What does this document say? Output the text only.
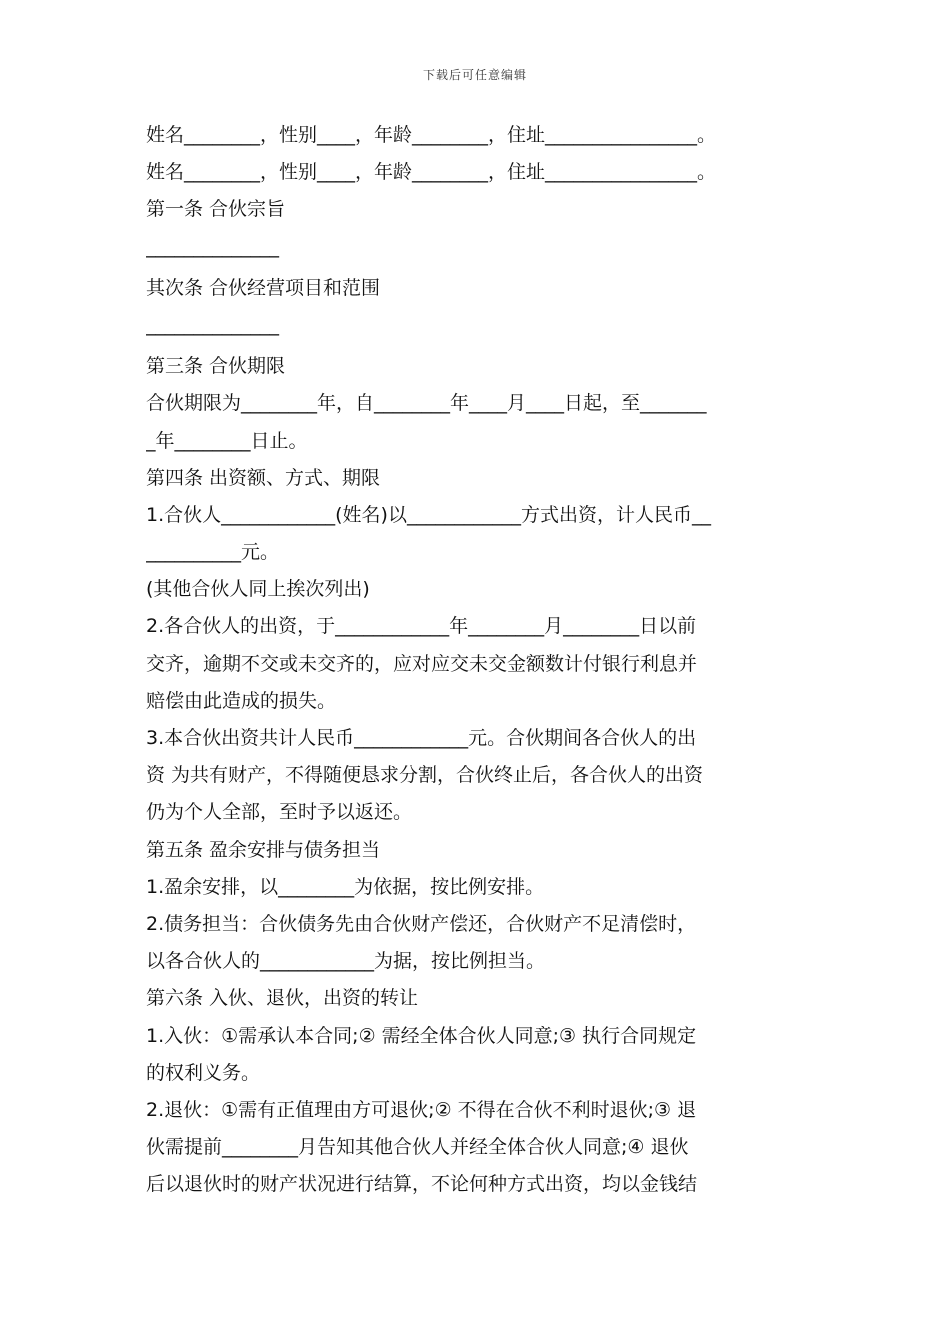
下载后可任意编辑
姓名________，性别____，年龄________，住址________________。
姓名________，性别____，年龄________，住址________________。
第一条 合伙宗旨
______________
其次条 合伙经营项目和范围
______________
第三条 合伙期限
合伙期限为________年，自________年____月____日起，至_______
_年________日止。
第四条 出资额、方式、期限
1.合伙人____________(姓名)以____________方式出资，计人民币__
__________元。
(其他合伙人同上挨次列出)
2.各合伙人的出资，于____________年________月________日以前
交齐，逾期不交或未交齐的，应对应交未交金额数计付银行利息并
赔偿由此造成的损失。
3.本合伙出资共计人民币____________元。合伙期间各合伙人的出
资 为共有财产，不得随便恳求分割，合伙终止后，各合伙人的出资
仍为个人全部，至时予以返还。
第五条 盈余安排与债务担当
1.盈余安排，以________为依据，按比例安排。
2.债务担当：合伙债务先由合伙财产偿还，合伙财产不足清偿时，
以各合伙人的____________为据，按比例担当。
第六条 入伙、退伙，出资的转让
1.入伙：①需承认本合同;② 需经全体合伙人同意;③ 执行合同规定
的权利义务。
2.退伙：①需有正值理由方可退伙;② 不得在合伙不利时退伙;③ 退
伙需提前________月告知其他合伙人并经全体合伙人同意;④ 退伙
后以退伙时的财产状况进行结算，不论何种方式出资，均以金钱结
